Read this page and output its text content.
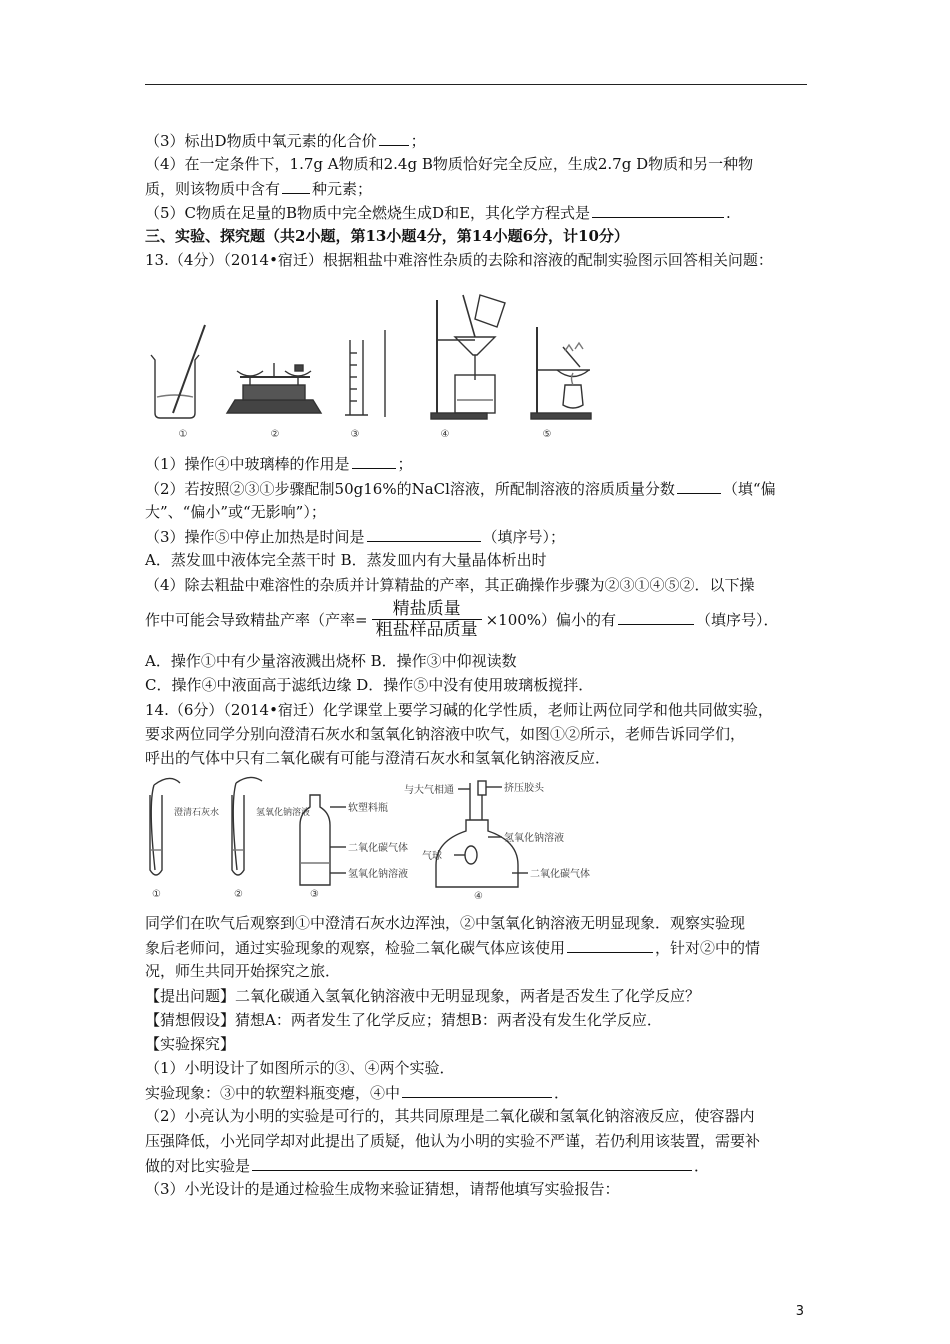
（3）标出D物质中氧元素的化合价 ；
（4）在一定条件下，1.7g A物质和2.4g B物质恰好完全反应，生成2.7g D物质和另一种物
质，则该物质中含有 种元素；
（5）C物质在足量的B物质中完全燃烧生成D和E，其化学方程式是	.
三、实验、探究题（共2小题，第13小题4分，第14小题6分，计10分）
13.（4分）（2014•宿迁）根据粗盐中难溶性杂质的去除和溶液的配制实验图示回答相关问题：
①	②	③	④	⑤
（1）操作④中玻璃棒的作用是	；
（2）若按照②③①步骤配制50g16%的NaCl溶液，所配制溶液的溶质质量分数	（填“偏
大”、“偏小”或“无影响”）；
（3）操作⑤中停止加热是时间是	（填序号）；
A．蒸发皿中液体完全蒸干时 B．蒸发皿内有大量晶体析出时
（4）除去粗盐中难溶性的杂质并计算精盐的产率，其正确操作步骤为②③①④⑤②．以下操
作中可能会导致精盐产率（产率= $\frac{\text{精盐质量}}{\text{粗盐样品质量}} \times 100\%$）偏小的有	（填序号）．
A．操作①中有少量溶液溅出烧杯 B．操作③中仰视读数
C．操作④中液面高于滤纸边缘 D．操作⑤中没有使用玻璃板搅拌．
14.（6分）（2014•宿迁）化学课堂上要学习碱的化学性质，老师让两位同学和他共同做实验，
要求两位同学分别向澄清石灰水和氢氧化钠溶液中吹气，如图①②所示，老师告诉同学们，
呼出的气体中只有二氧化碳有可能与澄清石灰水和氢氧化钠溶液反应．
澄清石灰水	氢氧化钠溶液	软塑料瓶
二氧化碳气体
氢氧化钠溶液
与大气相通	挤压胶头
氢氧化钠溶液
气球
二氧化碳气体
①	②	③	④
同学们在吹气后观察到①中澄清石灰水边浑浊，②中氢氧化钠溶液无明显现象．观察实验现
象后老师问，通过实验现象的观察，检验二氧化碳气体应该使用	，针对②中的情
况，师生共同开始探究之旅．
【提出问题】二氧化碳通入氢氧化钠溶液中无明显现象，两者是否发生了化学反应？
【猜想假设】猜想A：两者发生了化学反应；猜想B：两者没有发生化学反应．
【实验探究】
（1）小明设计了如图所示的③、④两个实验．
实验现象：③中的软塑料瓶变瘪，④中	．
（2）小亮认为小明的实验是可行的，其共同原理是二氧化碳和氢氧化钠溶液反应，使容器内
压强降低，小光同学却对此提出了质疑，他认为小明的实验不严谨，若仍利用该装置，需要补
做的对比实验是	．
（3）小光设计的是通过检验生成物来验证猜想，请帮他填写实验报告：
3
